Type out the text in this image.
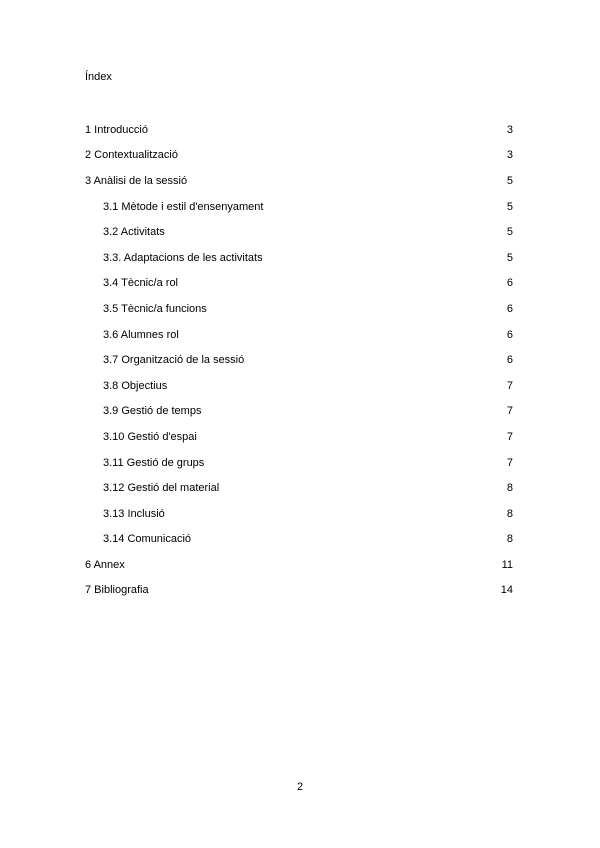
Índex
1 Introducció	3
2 Contextualització	3
3 Anàlisi de la sessió	5
3.1 Mètode i estil d'ensenyament	5
3.2 Activitats	5
3.3. Adaptacions de les activitats	5
3.4 Tècnic/a rol	6
3.5 Tècnic/a funcions	6
3.6 Alumnes rol	6
3.7 Organització de la sessió	6
3.8 Objectius	7
3.9 Gestió de temps	7
3.10 Gestió d'espai	7
3.11 Gestió de grups	7
3.12 Gestió del material	8
3.13 Inclusió	8
3.14 Comunicació	8
6 Annex	11
7 Bibliografia	14
2
